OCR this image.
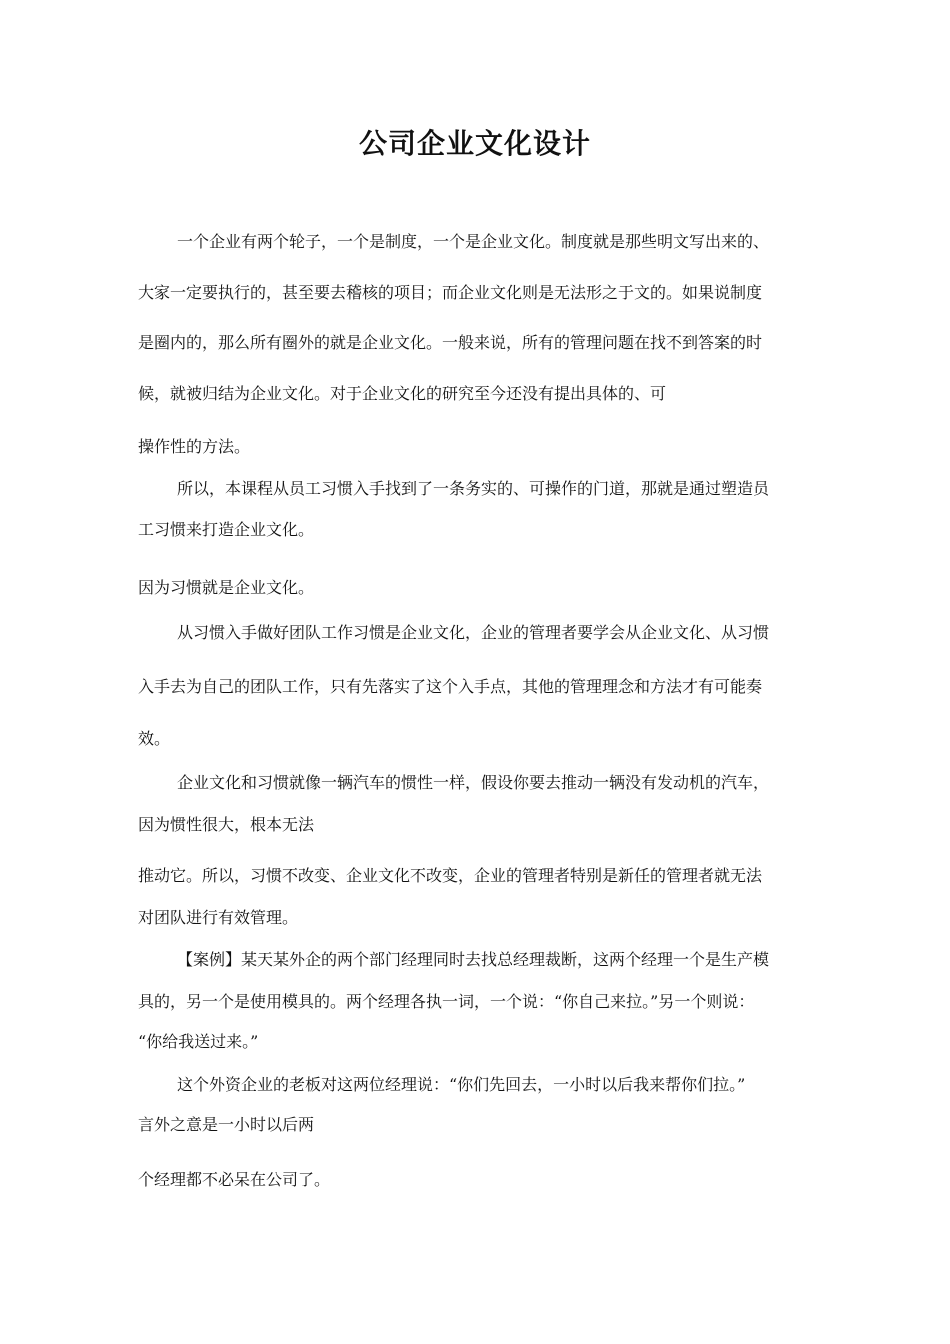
公司企业文化设计

一个企业有两个轮子，一个是制度，一个是企业文化。制度就是那些明文写出来的、

大家一定要执行的，甚至要去稽核的项目；而企业文化则是无法形之于文的。如果说制度

是圈内的，那么所有圈外的就是企业文化。一般来说，所有的管理问题在找不到答案的时

候，就被归结为企业文化。对于企业文化的研究至今还没有提出具体的、可

操作性的方法。

所以，本课程从员工习惯入手找到了一条务实的、可操作的门道，那就是通过塑造员

工习惯来打造企业文化。

因为习惯就是企业文化。

从习惯入手做好团队工作习惯是企业文化，企业的管理者要学会从企业文化、从习惯

入手去为自己的团队工作，只有先落实了这个入手点，其他的管理理念和方法才有可能奏

效。

企业文化和习惯就像一辆汽车的惯性一样，假设你要去推动一辆没有发动机的汽车，

因为惯性很大，根本无法

推动它。所以，习惯不改变、企业文化不改变，企业的管理者特别是新任的管理者就无法

对团队进行有效管理。

【案例】某天某外企的两个部门经理同时去找总经理裁断，这两个经理一个是生产模

具的，另一个是使用模具的。两个经理各执一词，一个说：“你自己来拉。”另一个则说：

“你给我送过来。”

这个外资企业的老板对这两位经理说：“你们先回去，一小时以后我来帮你们拉。”

言外之意是一小时以后两

个经理都不必呆在公司了。
